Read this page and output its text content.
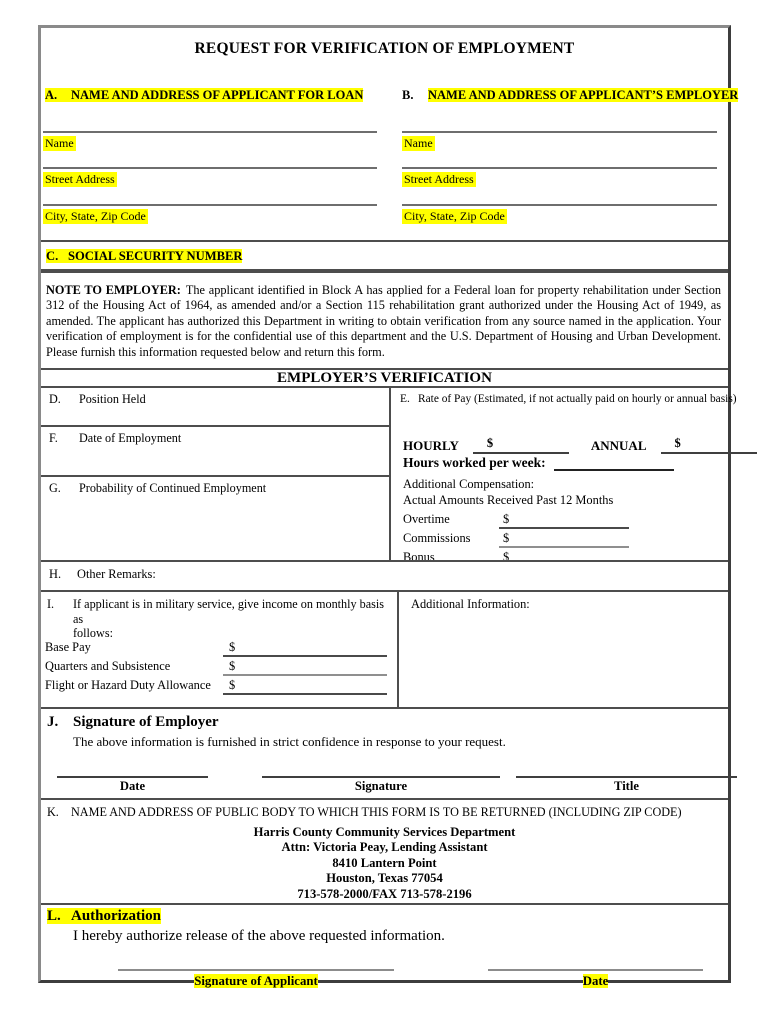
REQUEST FOR VERIFICATION OF EMPLOYMENT
A. NAME AND ADDRESS OF APPLICANT FOR LOAN	B. NAME AND ADDRESS OF APPLICANT’S EMPLOYER
Name
Street Address
City, State, Zip Code
Name
Street Address
City, State, Zip Code
C. SOCIAL SECURITY NUMBER
NOTE TO EMPLOYER: The applicant identified in Block A has applied for a Federal loan for property rehabilitation under Section 312 of the Housing Act of 1964, as amended and/or a Section 115 rehabilitation grant authorized under the Housing Act of 1949, as amended. The applicant has authorized this Department in writing to obtain verification from any source named in the application. Your verification of employment is for the confidential use of this department and the U.S. Department of Housing and Urban Development. Please furnish this information requested below and return this form.
EMPLOYER’S VERIFICATION
D. Position Held
F. Date of Employment
G. Probability of Continued Employment
E. Rate of Pay (Estimated, if not actually paid on hourly or annual basis)
HOURLY	$	ANNUAL	$
Hours worked per week:
Additional Compensation:
Actual Amounts Received Past 12 Months
Overtime	$
Commissions	$
Bonus	$
H. Other Remarks:
I.	If applicant is in military service, give income on monthly basis as
follows:
Base Pay	$
Quarters and Subsistence	$
Flight or Hazard Duty Allowance	$
Additional Information:
J. Signature of Employer
The above information is furnished in strict confidence in response to your request.
Date	Signature	Title
K. NAME AND ADDRESS OF PUBLIC BODY TO WHICH THIS FORM IS TO BE RETURNED (INCLUDING ZIP CODE)
Harris County Community Services Department
Attn: Victoria Peay, Lending Assistant
8410 Lantern Point
Houston, Texas 77054
713-578-2000/FAX 713-578-2196
L. Authorization
I hereby authorize release of the above requested information.
Signature of Applicant	Date
